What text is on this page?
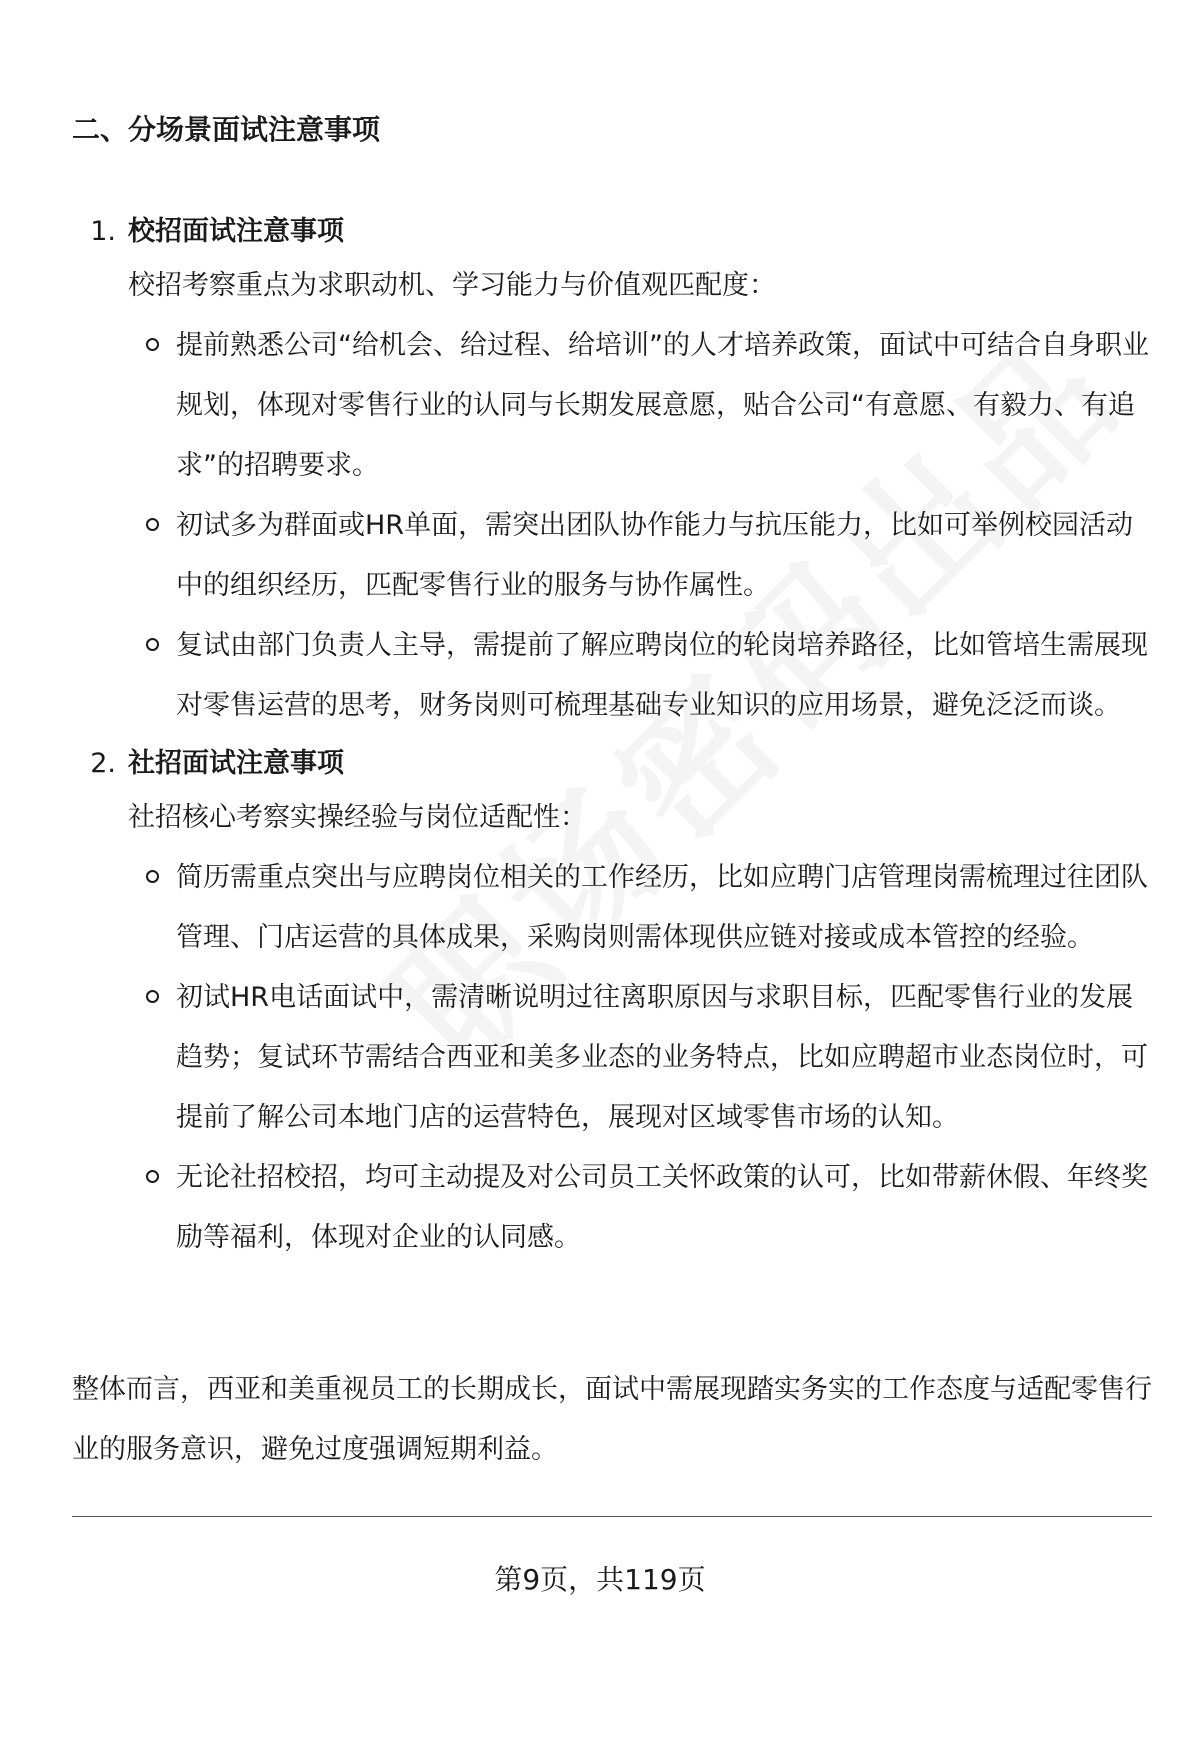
二、分场景面试注意事项
1. 校招面试注意事项

校招考察重点为求职动机、学习能力与价值观匹配度：

提前熟悉公司“给机会、给过程、给培训”的人才培养政策，面试中可结合自身职业规划，体现对零售行业的认同与长期发展意愿，贴合公司“有意愿、有毅力、有追求”的招聘要求。
初试多为群面或HR单面，需突出团队协作能力与抗压能力，比如可举例校园活动中的组织经历，匹配零售行业的服务与协作属性。
复试由部门负责人主导，需提前了解应聘岗位的轮岗培养路径，比如管培生需展现对零售运营的思考，财务岗则可梳理基础专业知识的应用场景，避免泛泛而谈。
2. 社招面试注意事项

社招核心考察实操经验与岗位适配性：

简历需重点突出与应聘岗位相关的工作经历，比如应聘门店管理岗需梳理过往团队管理、门店运营的具体成果，采购岗则需体现供应链对接或成本管控的经验。
初试HR电话面试中，需清晰说明过往离职原因与求职目标，匹配零售行业的发展趋势；复试环节需结合西亚和美多业态的业务特点，比如应聘超市业态岗位时，可提前了解公司本地门店的运营特色，展现对区域零售市场的认知。
无论社招校招，均可主动提及对公司员工关怀政策的认可，比如带薪休假、年终奖励等福利，体现对企业的认同感。

整体而言，西亚和美重视员工的长期成长，面试中需展现踏实务实的工作态度与适配零售行业的服务意识，避免过度强调短期利益。

第9页，共119页
